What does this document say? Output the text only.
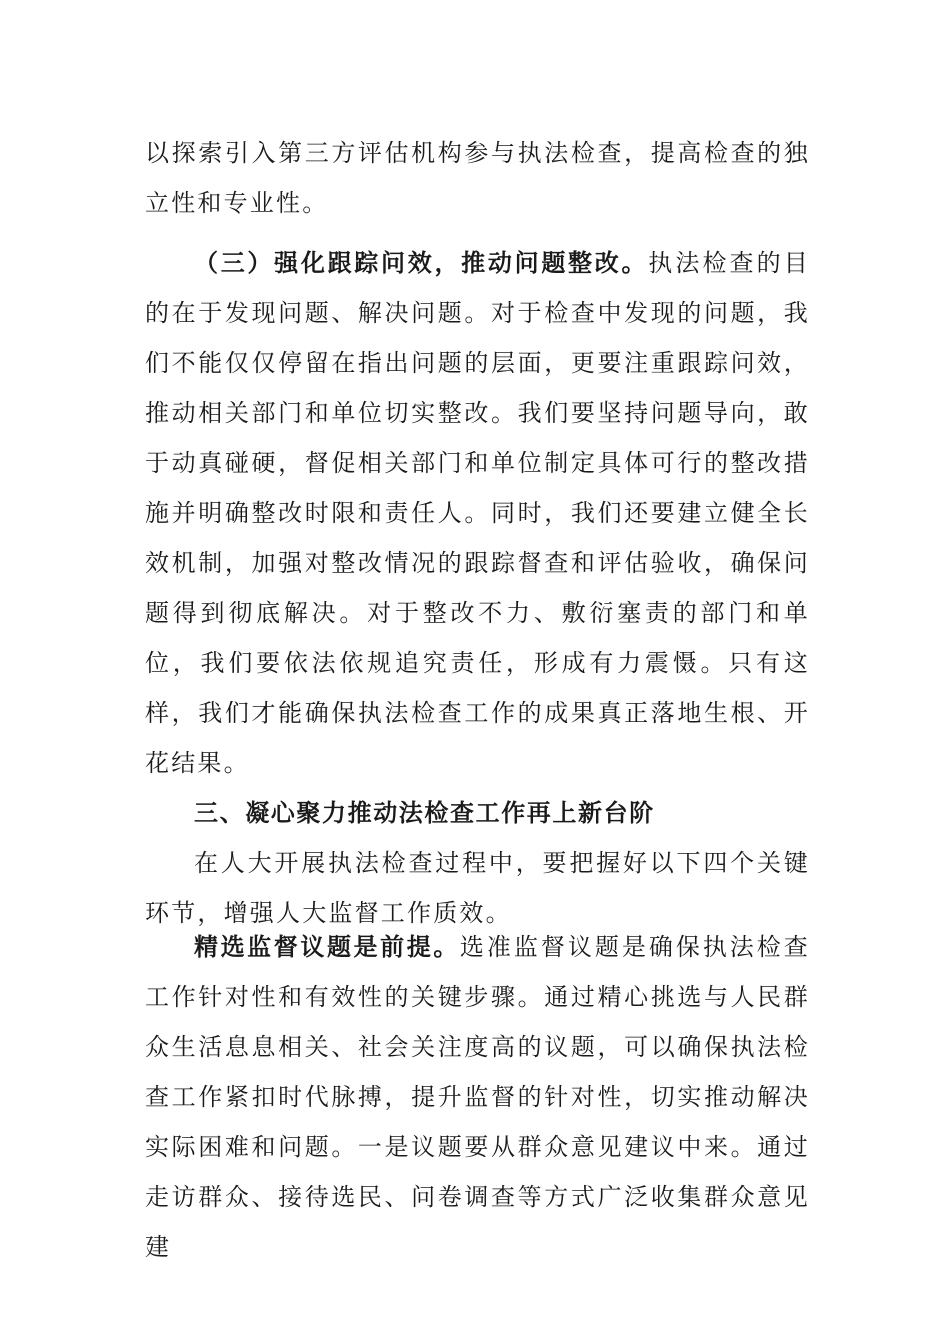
以探索引入第三方评估机构参与执法检查，提高检查的独立性和专业性。

（三）强化跟踪问效，推动问题整改。执法检查的目的在于发现问题、解决问题。对于检查中发现的问题，我们不能仅仅停留在指出问题的层面，更要注重跟踪问效，推动相关部门和单位切实整改。我们要坚持问题导向，敢于动真碰硬，督促相关部门和单位制定具体可行的整改措施并明确整改时限和责任人。同时，我们还要建立健全长效机制，加强对整改情况的跟踪督查和评估验收，确保问题得到彻底解决。对于整改不力、敷衍塞责的部门和单位，我们要依法依规追究责任，形成有力震慑。只有这样，我们才能确保执法检查工作的成果真正落地生根、开花结果。

三、凝心聚力推动法检查工作再上新台阶

在人大开展执法检查过程中，要把握好以下四个关键环节，增强人大监督工作质效。

精选监督议题是前提。选准监督议题是确保执法检查工作针对性和有效性的关键步骤。通过精心挑选与人民群众生活息息相关、社会关注度高的议题，可以确保执法检查工作紧扣时代脉搏，提升监督的针对性，切实推动解决实际困难和问题。一是议题要从群众意见建议中来。通过走访群众、接待选民、问卷调查等方式广泛收集群众意见建
